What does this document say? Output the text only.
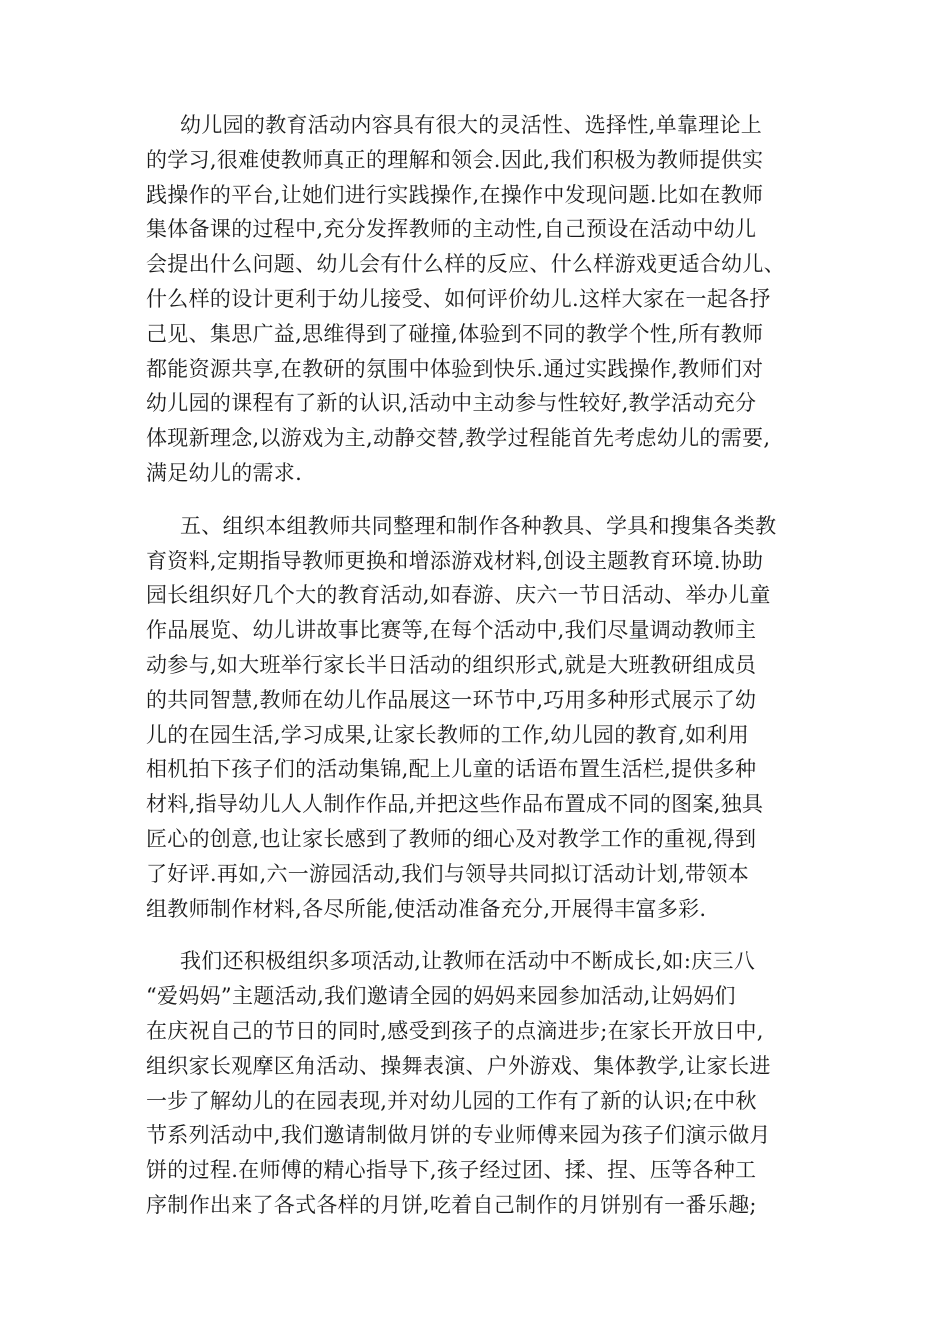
幼儿园的教育活动内容具有很大的灵活性、选择性,单靠理论上
的学习,很难使教师真正的理解和领会.因此,我们积极为教师提供实
践操作的平台,让她们进行实践操作,在操作中发现问题.比如在教师
集体备课的过程中,充分发挥教师的主动性,自己预设在活动中幼儿
会提出什么问题、幼儿会有什么样的反应、什么样游戏更适合幼儿、
什么样的设计更利于幼儿接受、如何评价幼儿.这样大家在一起各抒
己见、集思广益,思维得到了碰撞,体验到不同的教学个性,所有教师
都能资源共享,在教研的氛围中体验到快乐.通过实践操作,教师们对
幼儿园的课程有了新的认识,活动中主动参与性较好,教学活动充分
体现新理念,以游戏为主,动静交替,教学过程能首先考虑幼儿的需要,
满足幼儿的需求.
五、组织本组教师共同整理和制作各种教具、学具和搜集各类教
育资料,定期指导教师更换和增添游戏材料,创设主题教育环境.协助
园长组织好几个大的教育活动,如春游、庆六一节日活动、举办儿童
作品展览、幼儿讲故事比赛等,在每个活动中,我们尽量调动教师主
动参与,如大班举行家长半日活动的组织形式,就是大班教研组成员
的共同智慧,教师在幼儿作品展这一环节中,巧用多种形式展示了幼
儿的在园生活,学习成果,让家长教师的工作,幼儿园的教育,如利用
相机拍下孩子们的活动集锦,配上儿童的话语布置生活栏,提供多种
材料,指导幼儿人人制作作品,并把这些作品布置成不同的图案,独具
匠心的创意,也让家长感到了教师的细心及对教学工作的重视,得到
了好评.再如,六一游园活动,我们与领导共同拟订活动计划,带领本
组教师制作材料,各尽所能,使活动准备充分,开展得丰富多彩.
我们还积极组织多项活动,让教师在活动中不断成长,如:庆三八
“爱妈妈”主题活动,我们邀请全园的妈妈来园参加活动,让妈妈们
在庆祝自己的节日的同时,感受到孩子的点滴进步;在家长开放日中,
组织家长观摩区角活动、操舞表演、户外游戏、集体教学,让家长进
一步了解幼儿的在园表现,并对幼儿园的工作有了新的认识;在中秋
节系列活动中,我们邀请制做月饼的专业师傅来园为孩子们演示做月
饼的过程.在师傅的精心指导下,孩子经过团、揉、捏、压等各种工
序制作出来了各式各样的月饼,吃着自己制作的月饼别有一番乐趣;
